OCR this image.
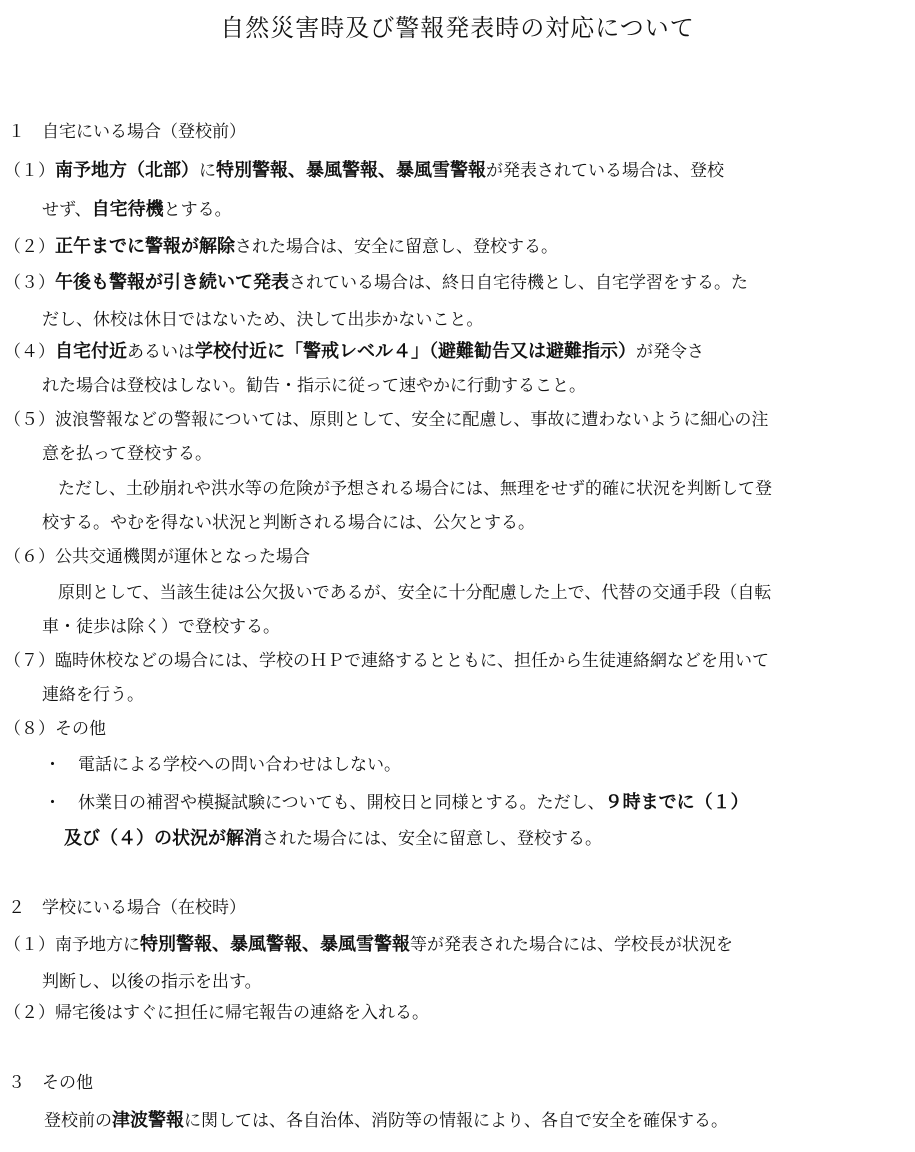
自然災害時及び警報発表時の対応について

１　自宅にいる場合（登校前）

（１）南予地方（北部）に特別警報、暴風警報、暴風雪警報が発表されている場合は、登校

せず、自宅待機とする。

（２）正午までに警報が解除された場合は、安全に留意し、登校する。

（３）午後も警報が引き続いて発表されている場合は、終日自宅待機とし、自宅学習をする。た

だし、休校は休日ではないため、決して出歩かないこと。

（４）自宅付近あるいは学校付近に「警戒レベル４」（避難勧告又は避難指示）が発令さ

れた場合は登校はしない。勧告・指示に従って速やかに行動すること。

（５）波浪警報などの警報については、原則として、安全に配慮し、事故に遭わないように細心の注

意を払って登校する。

ただし、土砂崩れや洪水等の危険が予想される場合には、無理をせず的確に状況を判断して登

校する。やむを得ない状況と判断される場合には、公欠とする。

（６）公共交通機関が運休となった場合

原則として、当該生徒は公欠扱いであるが、安全に十分配慮した上で、代替の交通手段（自転

車・徒歩は除く）で登校する。

（７）臨時休校などの場合には、学校のＨＰで連絡するとともに、担任から生徒連絡網などを用いて

連絡を行う。

（８）その他

・　電話による学校への問い合わせはしない。

・　休業日の補習や模擬試験についても、開校日と同様とする。ただし、９時までに（１）

及び（４）の状況が解消された場合には、安全に留意し、登校する。

２　学校にいる場合（在校時）

（１）南予地方に特別警報、暴風警報、暴風雪警報等が発表された場合には、学校長が状況を

判断し、以後の指示を出す。

（２）帰宅後はすぐに担任に帰宅報告の連絡を入れる。

３　その他

登校前の津波警報に関しては、各自治体、消防等の情報により、各自で安全を確保する。
